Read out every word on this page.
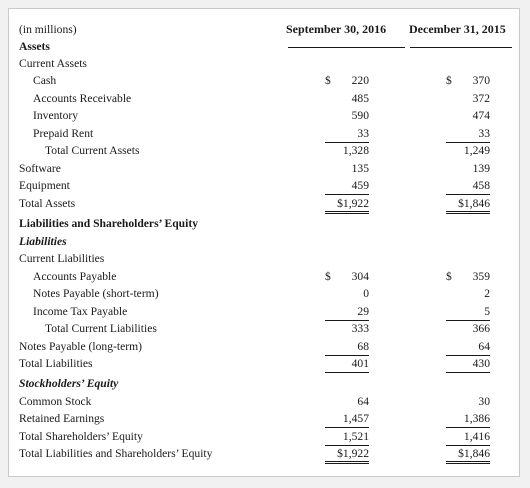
(in millions)	September 30, 2016 December 31, 2015
Assets
Current Assets
Cash	$ 220	$ 370
Accounts Receivable	485	372
Inventory	590	474
Prepaid Rent	33	33
Total Current Assets	1,328	1,249
Software	135	139
Equipment	459	458
Total Assets	$1,922	$1,846
Liabilities and Shareholders’ Equity
Liabilities
Current Liabilities
Accounts Payable	$ 304	$ 359
Notes Payable (short-term)	0	2
Income Tax Payable	29	5
Total Current Liabilities	333	366
Notes Payable (long-term)	68	64
Total Liabilities	401	430
Stockholders’ Equity
Common Stock	64	30
Retained Earnings	1,457	1,386
Total Shareholders’ Equity	1,521	1,416
Total Liabilities and Shareholders’ Equity	$1,922	$1,846
